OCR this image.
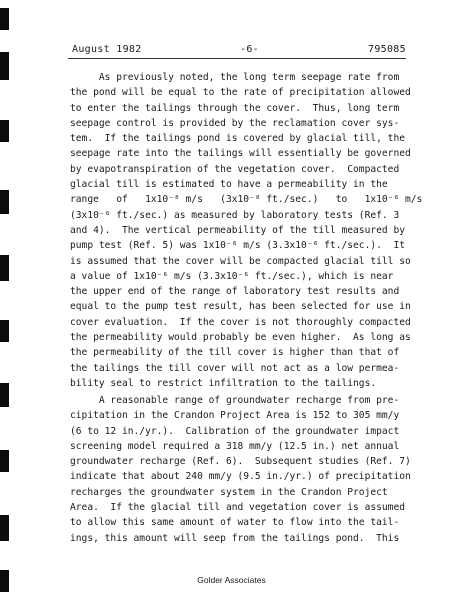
August 1982	-6-	795085
As previously noted, the long term seepage rate from
the pond will be equal to the rate of precipitation allowed
to enter the tailings through the cover.  Thus, long term
seepage control is provided by the reclamation cover sys-
tem.  If the tailings pond is covered by glacial till, the
seepage rate into the tailings will essentially be governed
by evapotranspiration of the vegetation cover.  Compacted
glacial till is estimated to have a permeability in the
range   of   1x10⁻⁸ m/s   (3x10⁻⁸ ft./sec.)   to   1x10⁻⁶ m/s
(3x10⁻⁶ ft./sec.) as measured by laboratory tests (Ref. 3
and 4).  The vertical permeability of the till measured by
pump test (Ref. 5) was 1x10⁻⁶ m/s (3.3x10⁻⁶ ft./sec.).  It
is assumed that the cover will be compacted glacial till so
a value of 1x10⁻⁶ m/s (3.3x10⁻⁶ ft./sec.), which is near
the upper end of the range of laboratory test results and
equal to the pump test result, has been selected for use in
cover evaluation.  If the cover is not thoroughly compacted
the permeability would probably be even higher.  As long as
the permeability of the till cover is higher than that of
the tailings the till cover will not act as a low permea-
bility seal to restrict infiltration to the tailings.
A reasonable range of groundwater recharge from pre-
cipitation in the Crandon Project Area is 152 to 305 mm/y
(6 to 12 in./yr.).  Calibration of the groundwater impact
screening model required a 318 mm/y (12.5 in.) net annual
groundwater recharge (Ref. 6).  Subsequent studies (Ref. 7)
indicate that about 240 mm/y (9.5 in./yr.) of precipitation
recharges the groundwater system in the Crandon Project
Area.  If the glacial till and vegetation cover is assumed
to allow this same amount of water to flow into the tail-
ings, this amount will seep from the tailings pond.  This
Golder Associates
